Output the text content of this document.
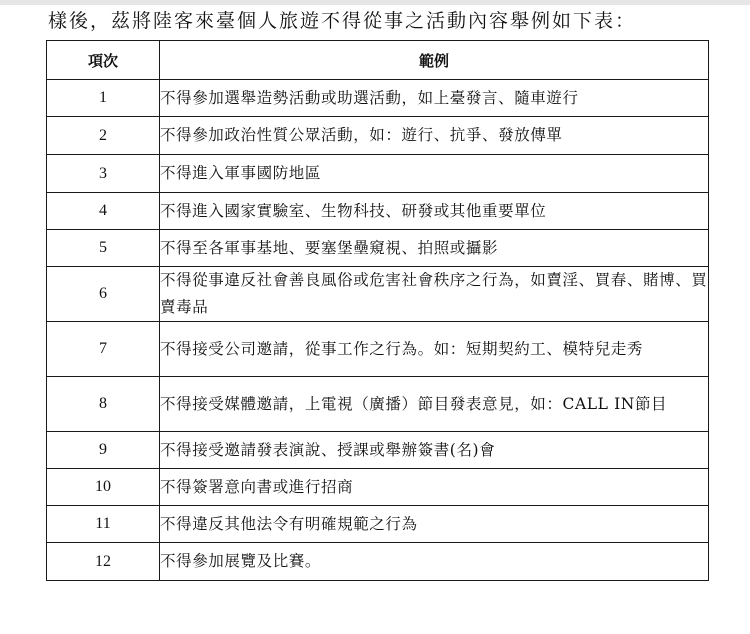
樣後，茲將陸客來臺個人旅遊不得從事之活動內容舉例如下表：
項次	範例
1	不得參加選舉造勢活動或助選活動，如上臺發言、隨車遊行
2	不得參加政治性質公眾活動，如：遊行、抗爭、發放傳單
3	不得進入軍事國防地區
4	不得進入國家實驗室、生物科技、研發或其他重要單位
5	不得至各軍事基地、要塞堡壘窺視、拍照或攝影
6	不得從事違反社會善良風俗或危害社會秩序之行為，如賣淫、買春、賭博、買賣毒品
7	不得接受公司邀請，從事工作之行為。如：短期契約工、模特兒走秀
8	不得接受媒體邀請，上電視（廣播）節目發表意見，如：CALL IN節目
9	不得接受邀請發表演說、授課或舉辦簽書(名)會
10	不得簽署意向書或進行招商
11	不得違反其他法令有明確規範之行為
12	不得參加展覽及比賽。
